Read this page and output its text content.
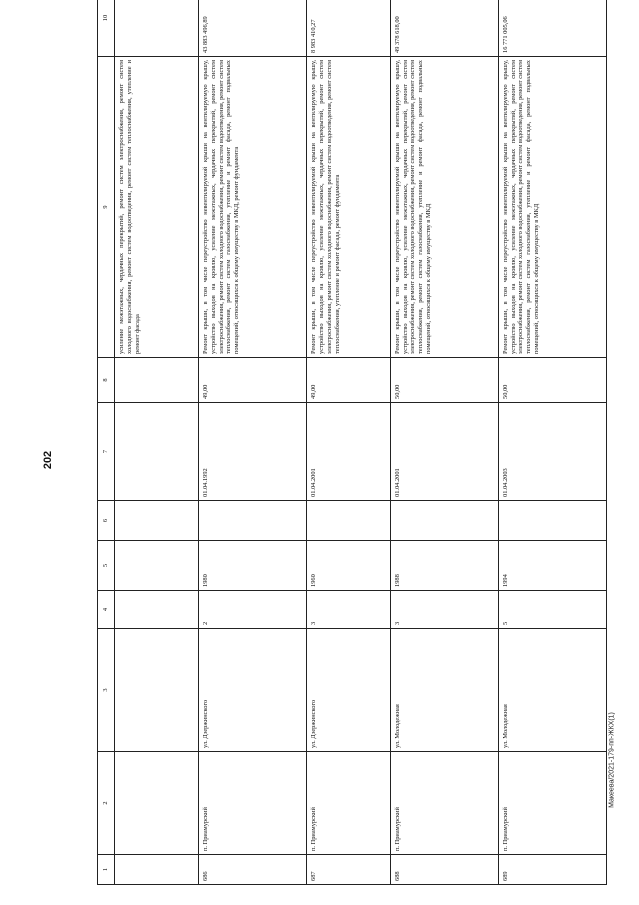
202
1	2	3	4	5	6	7	8	9	10
								усиление межэтажных, чердачных перекрытий, ремонт систем электроснабжения, ремонт систем холодного водоснабжения, ремонт систем водоотведения, ремонт систем теплоснабжения, утепление и ремонт фасада	
686	п. Приамурский	ул. Дзержинского	2	1980		01.04.1992	49,00	Ремонт крыши, в том числе переустройство невентилируемой крыши на вентилируемую крышу, устройство выходов на кровлю, усиление межэтажных, чердачных перекрытий, ремонт систем электроснабжения, ремонт систем холодного водоснабжения, ремонт систем водоотведения, ремонт систем теплоснабжения, ремонт систем газоснабжения, утепление и ремонт фасада, ремонт подвальных помещений, относящихся к общему имуществу в МКД, ремонт фундамента	43 883 496,89
687	п. Приамурский	ул. Дзержинского	3	1960		01.04.2001	49,00	Ремонт крыши, в том числе переустройство невентилируемой крыши на вентилируемую крышу, устройство выходов на кровлю, усиление межэтажных, чердачных перекрытий, ремонт систем электроснабжения, ремонт систем холодного водоснабжения, ремонт систем водоотведения, ремонт систем теплоснабжения, утепление и ремонт фасада, ремонт фундамента	8 983 410,27
688	п. Приамурский	ул. Молодежная	3	1988		01.04.2001	50,00	Ремонт крыши, в том числе переустройство невентилируемой крыши на вентилируемую крышу, устройство выходов на кровлю, усиление межэтажных, чердачных перекрытий, ремонт систем электроснабжения, ремонт систем холодного водоснабжения, ремонт систем водоотведения, ремонт систем теплоснабжения, ремонт систем газоснабжения, утепление и ремонт фасада, ремонт подвальных помещений, относящихся к общему имуществу в МКД	49 378 618,00
689	п. Приамурский	ул. Молодежная	5	1994		01.04.2003	50,00	Ремонт крыши, в том числе переустройство невентилируемой крыши на вентилируемую крышу, устройство выходов на кровлю, усиление межэтажных, чердачных перекрытий, ремонт систем электроснабжения, ремонт систем холодного водоснабжения, ремонт систем водоотведения, ремонт систем теплоснабжения, ремонт систем газоснабжения, утепление и ремонт фасада, ремонт подвальных помещений, относящихся к общему имуществу в МКД	16 771 005,06
Макеева/2021-179-пп-ЖКХ(1)
